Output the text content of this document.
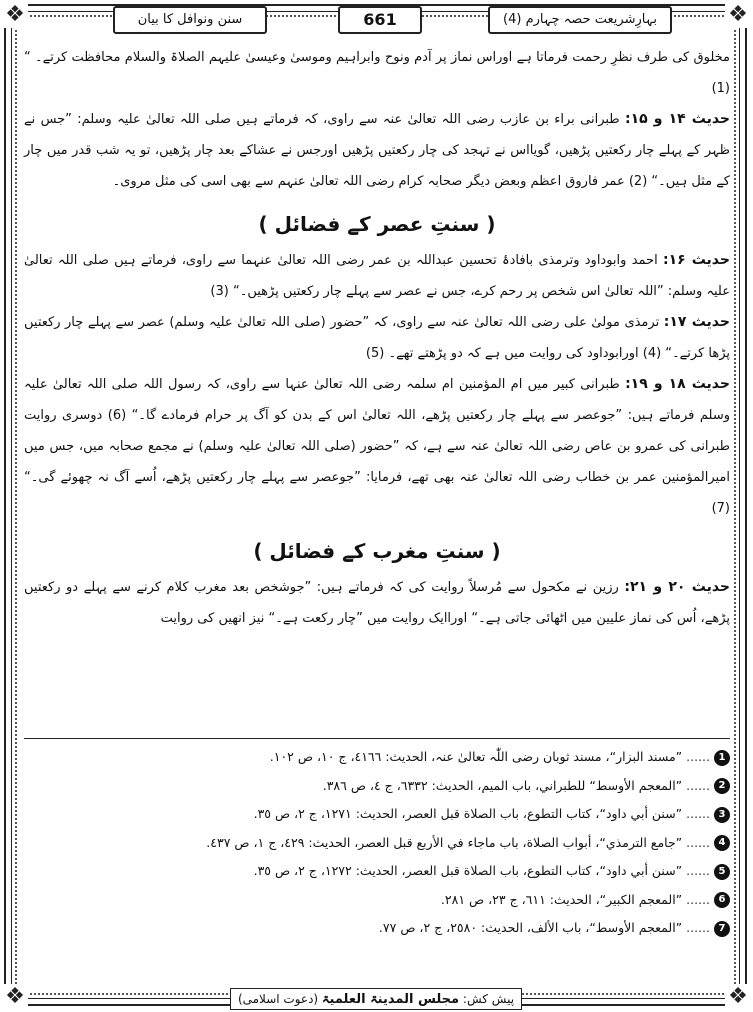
❖	❖
❖	❖
سنن ونوافل کا بیان	661	بہارِشریعت حصہ چہارم (4)

مخلوق کی طرف نظرِ رحمت فرماتا ہے اوراس نماز پر آدم ونوح وابراہیم وموسیٰ وعیسیٰ علیہم الصلاۃ والسلام محافظت کرتے۔ “ (1)

حدیث ۱۴ و ۱۵: طبرانی براء بن عازب رضی اللہ تعالیٰ عنہ سے راوی، کہ فرماتے ہیں صلی اللہ تعالیٰ علیہ وسلم: ”جس نے ظہر کے پہلے چار رکعتیں پڑھیں، گویااس نے تہجد کی چار رکعتیں پڑھیں اورجس نے عشاکے بعد چار پڑھیں، تو یہ شب قدر میں چار کے مثل ہیں۔“ (2) عمر فاروق اعظم وبعض دیگر صحابہ کرام رضی اللہ تعالیٰ عنہم سے بھی اسی کی مثل مروی۔

( سنتِ عصر کے فضائل )

حدیث ۱۶: احمد وابوداود وترمذی بافادۂ تحسین عبداللہ بن عمر رضی اللہ تعالیٰ عنہما سے راوی، فرماتے ہیں صلی اللہ تعالیٰ علیہ وسلم: ”اللہ تعالیٰ اس شخص پر رحم کرے، جس نے عصر سے پہلے چار رکعتیں پڑھیں۔“ (3)

حدیث ۱۷: ترمذی مولیٰ علی رضی اللہ تعالیٰ عنہ سے راوی، کہ ”حضور (صلی اللہ تعالیٰ علیہ وسلم) عصر سے پہلے چار رکعتیں پڑھا کرتے۔“ (4) اورابوداود کی روایت میں ہے کہ دو پڑھتے تھے۔ (5)

حدیث ۱۸ و ۱۹: طبرانی کبیر میں ام المؤمنین ام سلمہ رضی اللہ تعالیٰ عنہا سے راوی، کہ رسول اللہ صلی اللہ تعالیٰ علیہ وسلم فرماتے ہیں: ”جوعصر سے پہلے چار رکعتیں پڑھے، اللہ تعالیٰ اس کے بدن کو آگ پر حرام فرمادے گا۔“ (6) دوسری روایت طبرانی کی عمرو بن عاص رضی اللہ تعالیٰ عنہ سے ہے، کہ ”حضور (صلی اللہ تعالیٰ علیہ وسلم) نے مجمع صحابہ میں، جس میں امیرالمؤمنین عمر بن خطاب رضی اللہ تعالیٰ عنہ بھی تھے، فرمایا: ”جوعصر سے پہلے چار رکعتیں پڑھے، اُسے آگ نہ چھوئے گی۔“ (7)

( سنتِ مغرب کے فضائل )

حدیث ۲۰ و ۲۱: رزین نے مکحول سے مُرسلاً روایت کی کہ فرماتے ہیں: ”جوشخص بعد مغرب کلام کرنے سے پہلے دو رکعتیں پڑھے، اُس کی نماز علیین میں اٹھائی جاتی ہے۔“ اوراایک روایت میں ”چار رکعت ہے۔“ نیز انھیں کی روایت

1......”مسند البزار“، مسند ثوبان رضی اللّٰہ تعالیٰ عنہ، الحدیث: ٤١٦٦، ج ١٠، ص ١٠٢.
2......”المعجم الأوسط“ للطبراني، باب المیم، الحدیث: ٦٣٣٢، ج ٤، ص ٣٨٦.
3......”سنن أبي داود“، کتاب التطوع، باب الصلاة قبل العصر، الحدیث: ١٢٧١، ج ٢، ص ٣٥.
4......”جامع الترمذي“، أبواب الصلاة، باب ماجاء في الأربع قبل العصر، الحدیث: ٤٢٩، ج ١، ص ٤٣٧.
5......”سنن أبي داود“، کتاب التطوع، باب الصلاة قبل العصر، الحدیث: ١٢٧٢، ج ٢، ص ٣٥.
6......”المعجم الکبیر“، الحدیث: ٦١١، ج ٢٣، ص ٢٨١.
7......”المعجم الأوسط“، باب الألف، الحدیث: ٢٥٨٠، ج ٢، ص ٧٧.
پیش کش: مجلس المدینۃ العلمیۃ (دعوت اسلامی)
